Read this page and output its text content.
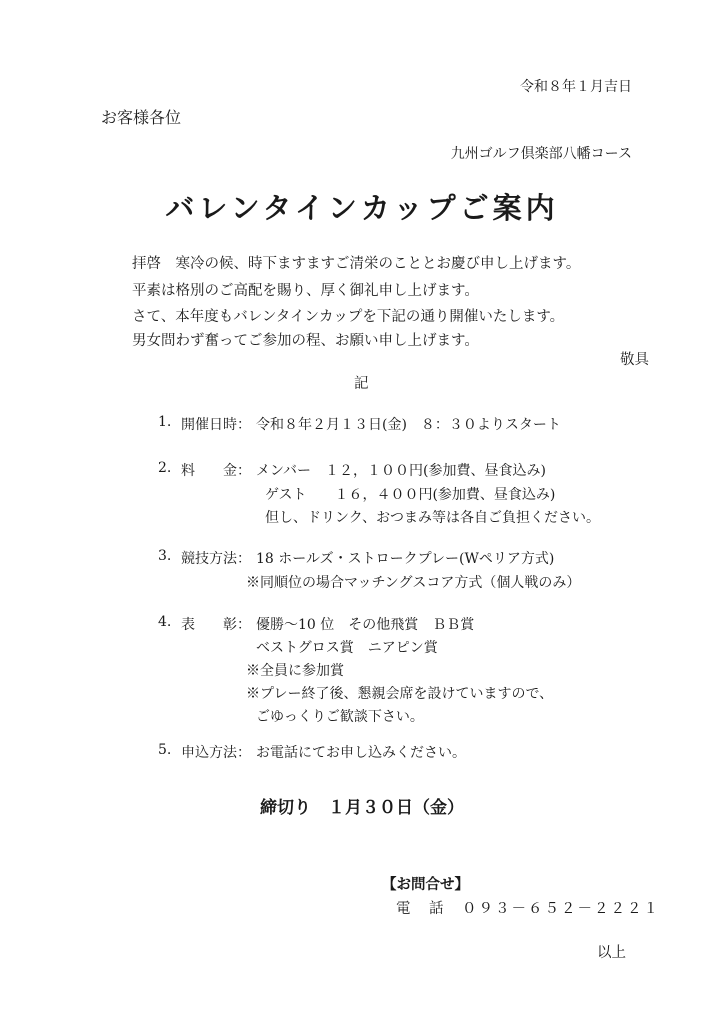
令和８年１月吉日
お客様各位
九州ゴルフ倶楽部八幡コース
バレンタインカップご案内
拝啓　寒冷の候、時下ますますご清栄のこととお慶び申し上げます。
平素は格別のご高配を賜り、厚く御礼申し上げます。
さて、本年度もバレンタインカップを下記の通り開催いたします。
男女問わず奮ってご参加の程、お願い申し上げます。
敬具
記
1. 開催日時： 令和８年２月１３日(金)　８：３０よりスタート
2. 料　　金： メンバー　１２，１００円(参加費、昼食込み)
ゲスト　　１６，４００円(参加費、昼食込み)
但し、ドリンク、おつまみ等は各自ご負担ください。
3. 競技方法： 18 ホールズ・ストロークプレー(Wペリア方式)
※同順位の場合マッチングスコア方式（個人戦のみ）
4. 表　　彰： 優勝～10 位　その他飛賞　ＢＢ賞
ベストグロス賞　ニアピン賞
※全員に参加賞
※プレー終了後、懇親会席を設けていますので、
ごゆっくりご歓談下さい。
5. 申込方法： お電話にてお申し込みください。
締切り　１月３０日（金）
【お問合せ】
電　話　０９３－６５２－２２２１
以上
